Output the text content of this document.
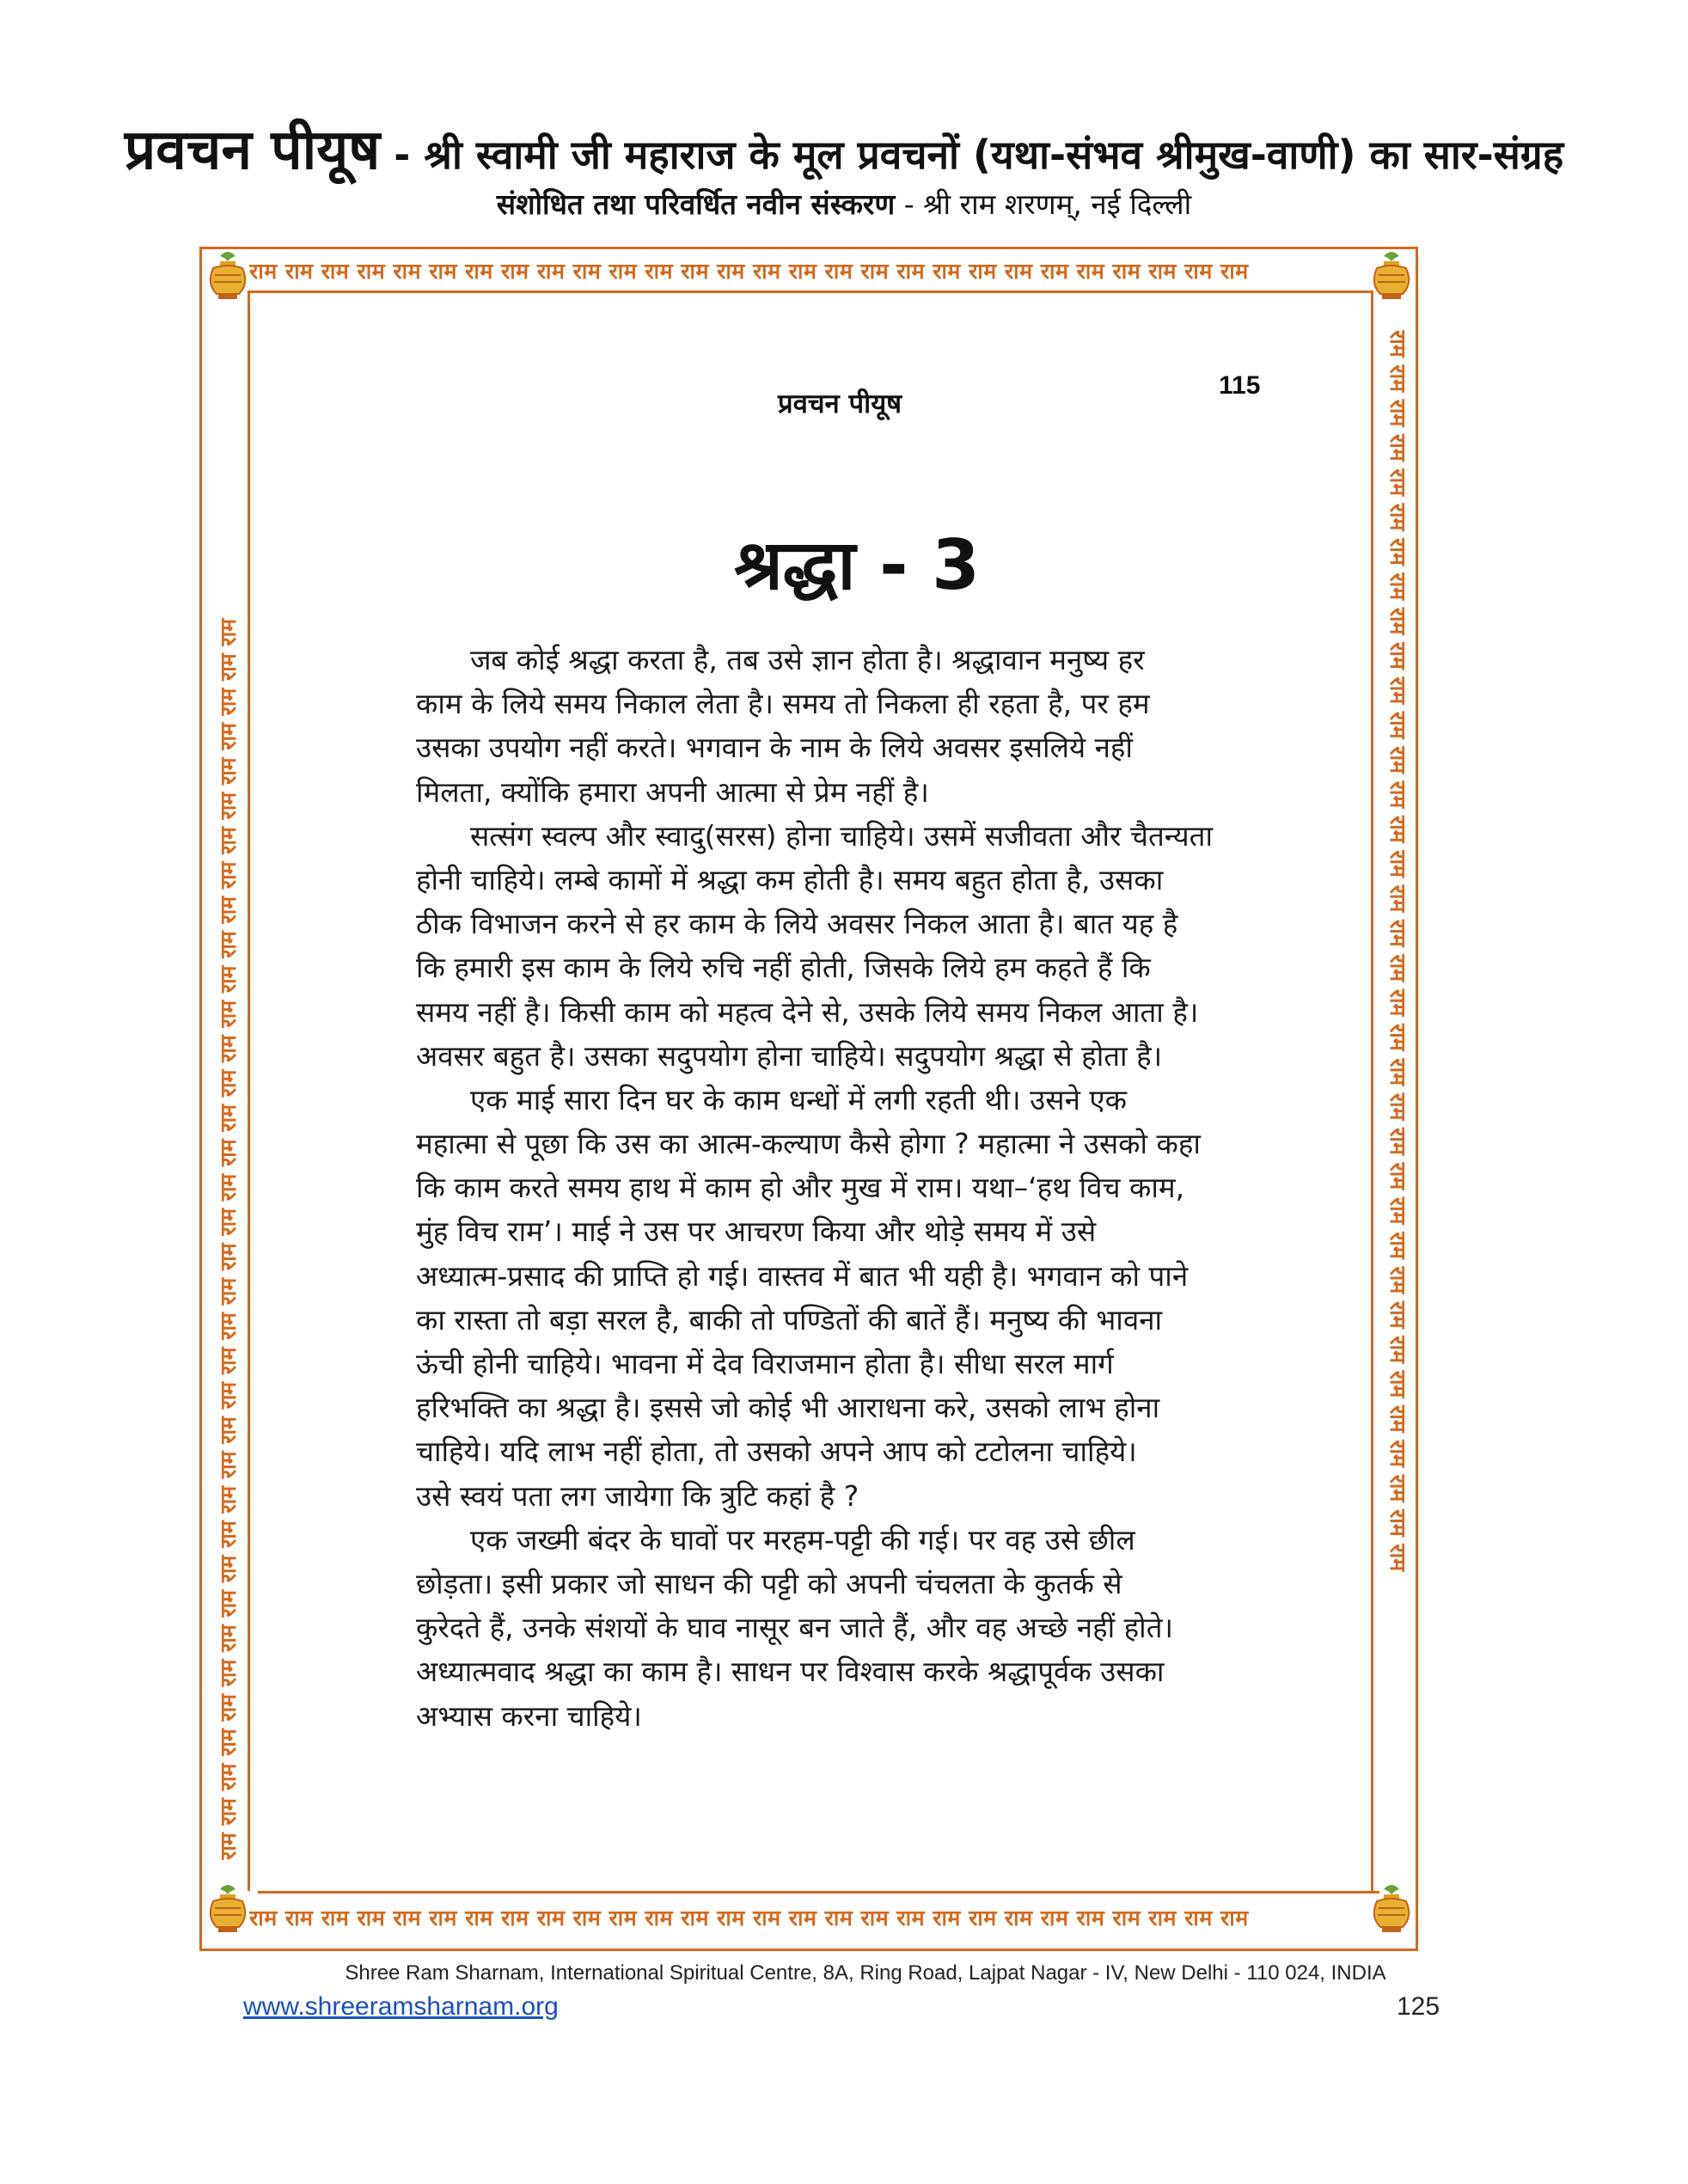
प्रवचन पीयूष - श्री स्वामी जी महाराज के मूल प्रवचनों (यथा-संभव श्रीमुख-वाणी) का सार-संग्रह
संशोधित तथा परिवर्धित नवीन संस्करण - श्री राम शरणम्, नई दिल्ली
राम राम राम राम राम राम राम राम राम राम राम राम राम राम राम राम राम राम राम राम राम राम राम राम राम राम राम राम
राम राम राम राम राम राम राम राम राम राम राम राम राम राम राम राम राम राम राम राम राम राम राम राम राम राम राम राम
राम राम राम राम राम राम राम राम राम राम राम राम राम राम राम राम राम राम राम राम राम राम राम राम राम राम राम राम राम राम राम राम राम राम राम राम	राम राम राम राम राम राम राम राम राम राम राम राम राम राम राम राम राम राम राम राम राम राम राम राम राम राम राम राम राम राम राम राम राम राम राम राम
प्रवचन पीयूष
115
श्रद्धा - 3
जब कोई श्रद्धा करता है, तब उसे ज्ञान होता है। श्रद्धावान मनुष्य हर
काम के लिये समय निकाल लेता है। समय तो निकला ही रहता है, पर हम
उसका उपयोग नहीं करते। भगवान के नाम के लिये अवसर इसलिये नहीं
मिलता, क्योंकि हमारा अपनी आत्मा से प्रेम नहीं है।
सत्संग स्वल्प और स्वादु(सरस) होना चाहिये। उसमें सजीवता और चैतन्यता
होनी चाहिये। लम्बे कामों में श्रद्धा कम होती है। समय बहुत होता है, उसका
ठीक विभाजन करने से हर काम के लिये अवसर निकल आता है। बात यह है
कि हमारी इस काम के लिये रुचि नहीं होती, जिसके लिये हम कहते हैं कि
समय नहीं है। किसी काम को महत्व देने से, उसके लिये समय निकल आता है।
अवसर बहुत है। उसका सदुपयोग होना चाहिये। सदुपयोग श्रद्धा से होता है।
एक माई सारा दिन घर के काम धन्धों में लगी रहती थी। उसने एक
महात्मा से पूछा कि उस का आत्म-कल्याण कैसे होगा ? महात्मा ने उसको कहा
कि काम करते समय हाथ में काम हो और मुख में राम। यथा–‘हथ विच काम,
मुंह विच राम’। माई ने उस पर आचरण किया और थोड़े समय में उसे
अध्यात्म-प्रसाद की प्राप्ति हो गई। वास्तव में बात भी यही है। भगवान को पाने
का रास्ता तो बड़ा सरल है, बाकी तो पण्डितों की बातें हैं। मनुष्य की भावना
ऊंची होनी चाहिये। भावना में देव विराजमान होता है। सीधा सरल मार्ग
हरिभक्ति का श्रद्धा है। इससे जो कोई भी आराधना करे, उसको लाभ होना
चाहिये। यदि लाभ नहीं होता, तो उसको अपने आप को टटोलना चाहिये।
उसे स्वयं पता लग जायेगा कि त्रुटि कहां है ?
एक जख्मी बंदर के घावों पर मरहम-पट्टी की गई। पर वह उसे छील
छोड़ता। इसी प्रकार जो साधन की पट्टी को अपनी चंचलता के कुतर्क से
कुरेदते हैं, उनके संशयों के घाव नासूर बन जाते हैं, और वह अच्छे नहीं होते।
अध्यात्मवाद श्रद्धा का काम है। साधन पर विश्वास करके श्रद्धापूर्वक उसका
अभ्यास करना चाहिये।
Shree Ram Sharnam, International Spiritual Centre, 8A, Ring Road, Lajpat Nagar - IV, New Delhi - 110 024, INDIA
www.shreeramsharnam.org	125
